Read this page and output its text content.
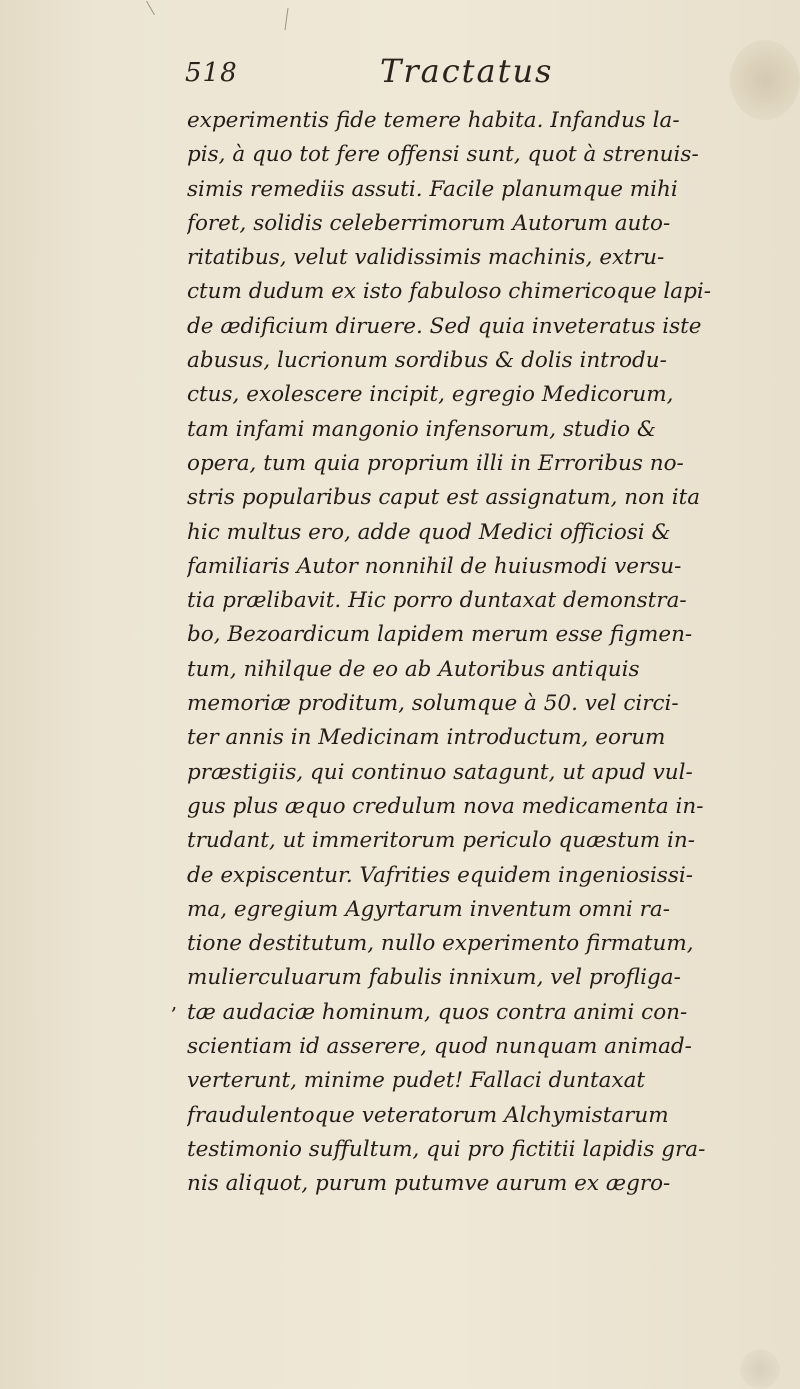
518	Tractatus
,
experimentis fide temere habita. Infandus la-
pis, à quo tot fere offensi sunt, quot à strenuis-
simis remediis assuti. Facile planumque mihi
foret, solidis celeberrimorum Autorum auto-
ritatibus, velut validissimis machinis, extru-
ctum dudum ex isto fabuloso chimericoque lapi-
de ædificium diruere. Sed quia inveteratus iste
abusus, lucrionum sordibus & dolis introdu-
ctus, exolescere incipit, egregio Medicorum,
tam infami mangonio infensorum, studio &
opera, tum quia proprium illi in Erroribus no-
stris popularibus caput est assignatum, non ita
hic multus ero, adde quod Medici officiosi &
familiaris Autor nonnihil de huiusmodi versu-
tia prælibavit. Hic porro duntaxat demonstra-
bo, Bezoardicum lapidem merum esse figmen-
tum, nihilque de eo ab Autoribus antiquis
memoriæ proditum, solumque à 50. vel circi-
ter annis in Medicinam introductum, eorum
præstigiis, qui continuo satagunt, ut apud vul-
gus plus æquo credulum nova medicamenta in-
trudant, ut immeritorum periculo quæstum in-
de expiscentur. Vafrities equidem ingeniosissi-
ma, egregium Agyrtarum inventum omni ra-
tione destitutum, nullo experimento firmatum,
mulierculuarum fabulis innixum, vel profliga-
tæ audaciæ hominum, quos contra animi con-
scientiam id asserere, quod nunquam animad-
verterunt, minime pudet! Fallaci duntaxat
fraudulentoque veteratorum Alchymistarum
testimonio suffultum, qui pro fictitii lapidis gra-
nis aliquot, purum putumve aurum ex ægro-
